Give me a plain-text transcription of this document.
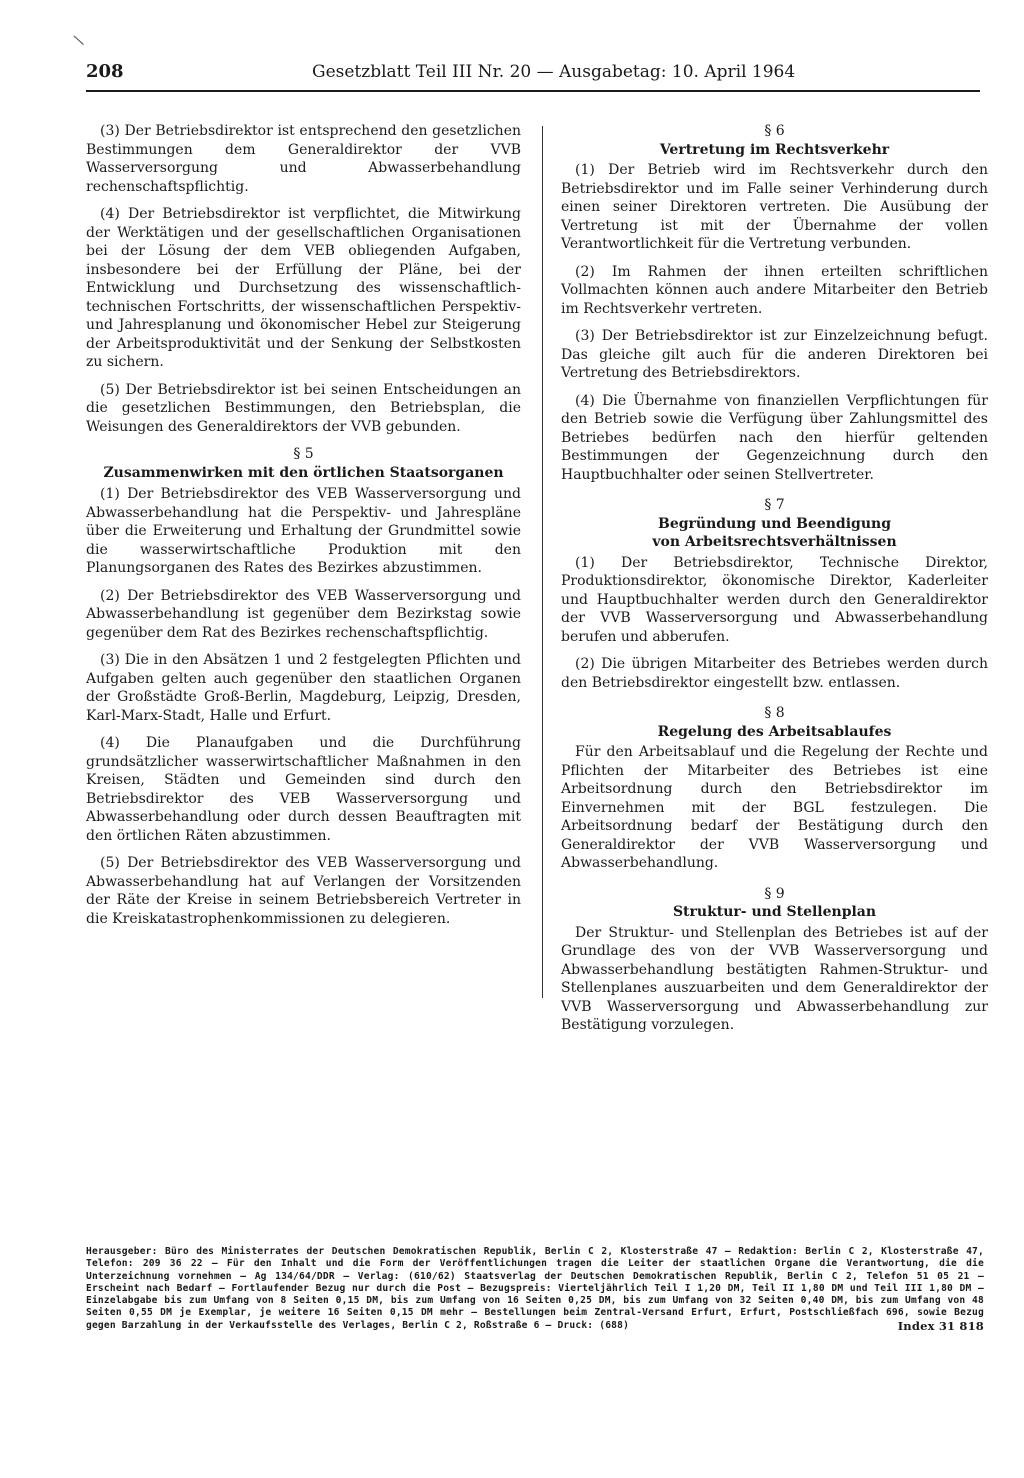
\
208	Gesetzblatt Teil III Nr. 20 — Ausgabetag: 10. April 1964

(3) Der Betriebsdirektor ist entsprechend den gesetzlichen Bestimmungen dem Generaldirektor der VVB Wasserversorgung und Abwasserbehandlung rechenschaftspflichtig.

(4) Der Betriebsdirektor ist verpflichtet, die Mitwirkung der Werktätigen und der gesellschaftlichen Organisationen bei der Lösung der dem VEB obliegenden Aufgaben, insbesondere bei der Erfüllung der Pläne, bei der Entwicklung und Durchsetzung des wissenschaftlich-technischen Fortschritts, der wissenschaftlichen Perspektiv- und Jahresplanung und ökonomischer Hebel zur Steigerung der Arbeitsproduktivität und der Senkung der Selbstkosten zu sichern.

(5) Der Betriebsdirektor ist bei seinen Entscheidungen an die gesetzlichen Bestimmungen, den Betriebsplan, die Weisungen des Generaldirektors der VVB gebunden.

§ 5

Zusammenwirken mit den örtlichen Staatsorganen

(1) Der Betriebsdirektor des VEB Wasserversorgung und Abwasserbehandlung hat die Perspektiv- und Jahrespläne über die Erweiterung und Erhaltung der Grundmittel sowie die wasserwirtschaftliche Produktion mit den Planungsorganen des Rates des Bezirkes abzustimmen.

(2) Der Betriebsdirektor des VEB Wasserversorgung und Abwasserbehandlung ist gegenüber dem Bezirkstag sowie gegenüber dem Rat des Bezirkes rechenschaftspflichtig.

(3) Die in den Absätzen 1 und 2 festgelegten Pflichten und Aufgaben gelten auch gegenüber den staatlichen Organen der Großstädte Groß-Berlin, Magdeburg, Leipzig, Dresden, Karl-Marx-Stadt, Halle und Erfurt.

(4) Die Planaufgaben und die Durchführung grundsätzlicher wasserwirtschaftlicher Maßnahmen in den Kreisen, Städten und Gemeinden sind durch den Betriebsdirektor des VEB Wasserversorgung und Abwasserbehandlung oder durch dessen Beauftragten mit den örtlichen Räten abzustimmen.

(5) Der Betriebsdirektor des VEB Wasserversorgung und Abwasserbehandlung hat auf Verlangen der Vorsitzenden der Räte der Kreise in seinem Betriebsbereich Vertreter in die Kreiskatastrophenkommissionen zu delegieren.

§ 6

Vertretung im Rechtsverkehr

(1) Der Betrieb wird im Rechtsverkehr durch den Betriebsdirektor und im Falle seiner Verhinderung durch einen seiner Direktoren vertreten. Die Ausübung der Vertretung ist mit der Übernahme der vollen Verantwortlichkeit für die Vertretung verbunden.

(2) Im Rahmen der ihnen erteilten schriftlichen Vollmachten können auch andere Mitarbeiter den Betrieb im Rechtsverkehr vertreten.

(3) Der Betriebsdirektor ist zur Einzelzeichnung befugt. Das gleiche gilt auch für die anderen Direktoren bei Vertretung des Betriebsdirektors.

(4) Die Übernahme von finanziellen Verpflichtungen für den Betrieb sowie die Verfügung über Zahlungsmittel des Betriebes bedürfen nach den hierfür geltenden Bestimmungen der Gegenzeichnung durch den Hauptbuchhalter oder seinen Stellvertreter.

§ 7

Begründung und Beendigung

von Arbeitsrechtsverhältnissen

(1) Der Betriebsdirektor, Technische Direktor, Produktionsdirektor, ökonomische Direktor, Kaderleiter und Hauptbuchhalter werden durch den Generaldirektor der VVB Wasserversorgung und Abwasserbehandlung berufen und abberufen.

(2) Die übrigen Mitarbeiter des Betriebes werden durch den Betriebsdirektor eingestellt bzw. entlassen.

§ 8

Regelung des Arbeitsablaufes

Für den Arbeitsablauf und die Regelung der Rechte und Pflichten der Mitarbeiter des Betriebes ist eine Arbeitsordnung durch den Betriebsdirektor im Einvernehmen mit der BGL festzulegen. Die Arbeitsordnung bedarf der Bestätigung durch den Generaldirektor der VVB Wasserversorgung und Abwasserbehandlung.

§ 9

Struktur- und Stellenplan

Der Struktur- und Stellenplan des Betriebes ist auf der Grundlage des von der VVB Wasserversorgung und Abwasserbehandlung bestätigten Rahmen-Struktur- und Stellenplanes auszuarbeiten und dem Generaldirektor der VVB Wasserversorgung und Abwasserbehandlung zur Bestätigung vorzulegen.

Herausgeber: Büro des Ministerrates der Deutschen Demokratischen Republik, Berlin C 2, Klosterstraße 47 – Redaktion: Berlin C 2, Klosterstraße 47, Telefon: 209 36 22 – Für den Inhalt und die Form der Veröffentlichungen tragen die Leiter der staatlichen Organe die Verantwortung, die die Unterzeichnung vornehmen – Ag 134/64/DDR – Verlag: (610/62) Staatsverlag der Deutschen Demokratischen Republik, Berlin C 2, Telefon 51 05 21 – Erscheint nach Bedarf – Fortlaufender Bezug nur durch die Post – Bezugspreis: Vierteljährlich Teil I 1,20 DM, Teil II 1,80 DM und Teil III 1,80 DM – Einzelabgabe bis zum Umfang von 8 Seiten 0,15 DM, bis zum Umfang von 16 Seiten 0,25 DM, bis zum Umfang von 32 Seiten 0,40 DM, bis zum Umfang von 48 Seiten 0,55 DM je Exemplar, je weitere 16 Seiten 0,15 DM mehr – Bestellungen beim Zentral-Versand Erfurt, Erfurt, Postschließfach 696, sowie Bezug gegen Barzahlung in der Verkaufsstelle des Verlages, Berlin C 2, Roßstraße 6 – Druck: (688)	Index 31 818
